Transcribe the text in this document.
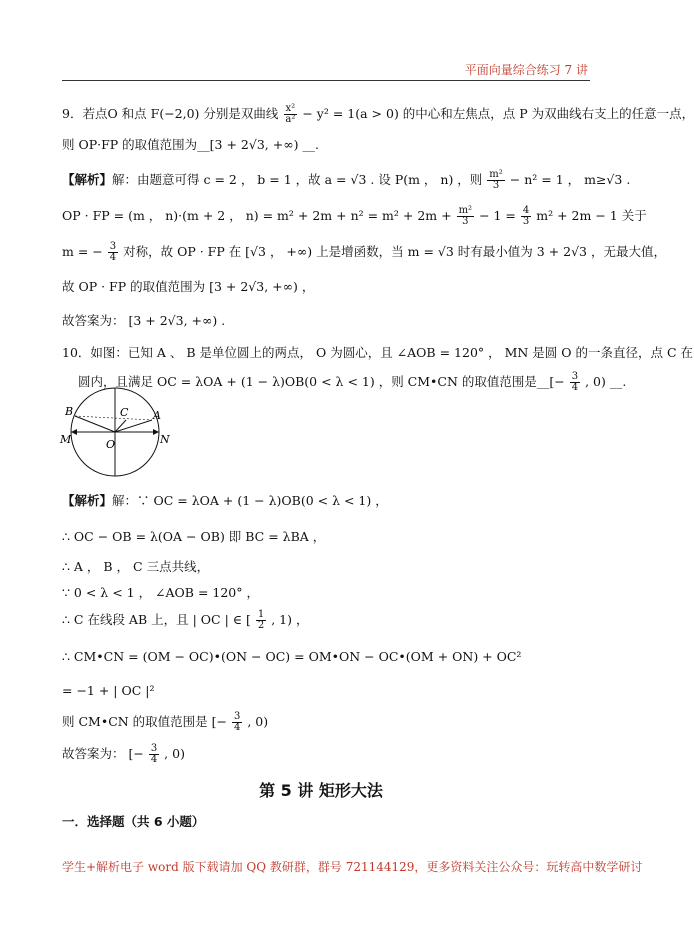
平面向量综合练习 7 讲
9．若点O 和点 F(−2,0) 分别是双曲线 $\frac{\text{x²}}{\text{a²}} - y^2 = 1(a > 0)$ 的中心和左焦点，点 P 为双曲线右支上的任意一点，
则 OP·FP 的取值范围为__[3 + 2√3, +∞) __.
【解析】解：由题意可得 c = 2 ， b = 1 ，故 a = √3 . 设 P(m ， n) ，则 $\frac{\text{m²}}{3} - n^2 = 1$ ， m≥√3 .
OP · FP = (m ， n)·(m + 2 ， $n) = m^2 + 2m + n^2 = m^2 + 2m + \frac{\text{m²}}{3} - 1 = \frac{4}{3} m^2 + 2m - 1$ 关于
m = − $\frac{3}{4}$ 对称，故 OP · FP 在 [√3 ， +∞) 上是增函数，当 m = √3 时有最小值为 3 + 2√3 ，无最大值，
故 OP · FP 的取值范围为 [3 + 2√3, +∞) ，
故答案为： [3 + 2√3, +∞) .
10．如图：已知 A 、 B 是单位圆上的两点， O 为圆心，且 ∠AOB = 120° ， MN 是圆 O 的一条直径，点 C 在
圆内，且满足 OC = λOA + (1 − λ)OB(0 < λ < 1) ，则 CM•CN 的取值范围是__[− $\frac{3}{4}$ , 0) __.
B	C A
M	N
O
【解析】解：∵ OC = λOA + (1 − λ)OB(0 < λ < 1) ，
∴ OC − OB = λ(OA − OB) 即 BC = λBA ，
∴ A ， B ， C 三点共线，
∵ 0 < λ < 1 ， ∠AOB = 120° ，
∴ C 在线段 AB 上，且 | OC | ∈ [ $\frac{1}{2}$ , 1) ，
∴ CM•CN = (OM − OC)•(ON − OC) = OM•ON − OC•(OM + ON) + OC²
= −1 + | OC |²
则 CM•CN 的取值范围是 [− $\frac{3}{4}$ , 0)
故答案为： [− $\frac{3}{4}$ , 0)
第 5 讲 矩形大法
一．选择题（共 6 小题）
学生+解析电子 word 版下载请加 QQ 教研群，群号 721144129，更多资料关注公众号：玩转高中数学研讨
